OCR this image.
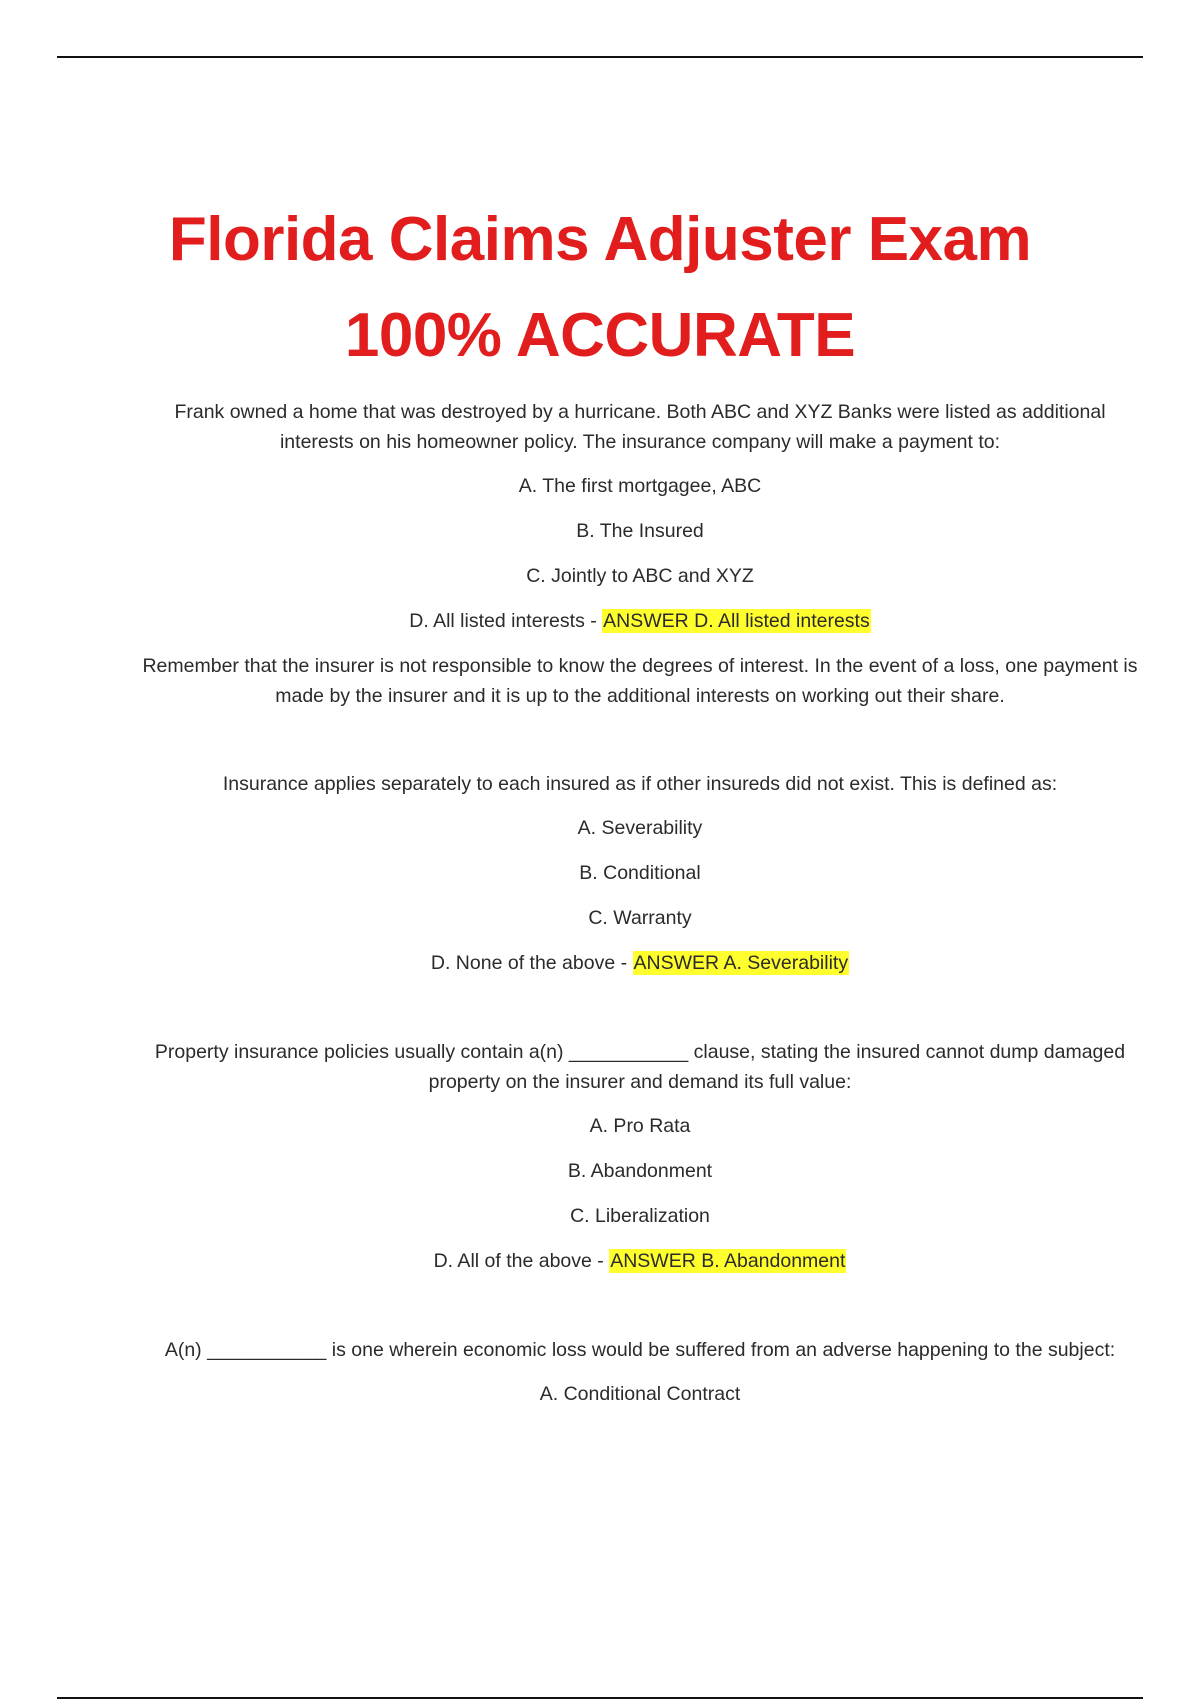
Florida Claims Adjuster Exam
100% ACCURATE

Frank owned a home that was destroyed by a hurricane. Both ABC and XYZ Banks were listed as additional interests on his homeowner policy. The insurance company will make a payment to:

A. The first mortgagee, ABC

B. The Insured

C. Jointly to ABC and XYZ

D. All listed interests - ANSWER D. All listed interests

Remember that the insurer is not responsible to know the degrees of interest. In the event of a loss, one payment is made by the insurer and it is up to the additional interests on working out their share.

Insurance applies separately to each insured as if other insureds did not exist. This is defined as:

A. Severability

B. Conditional

C. Warranty

D. None of the above - ANSWER A. Severability

Property insurance policies usually contain a(n) ___________ clause, stating the insured cannot dump damaged property on the insurer and demand its full value:

A. Pro Rata

B. Abandonment

C. Liberalization

D. All of the above - ANSWER B. Abandonment

A(n) ___________ is one wherein economic loss would be suffered from an adverse happening to the subject:

A. Conditional Contract
